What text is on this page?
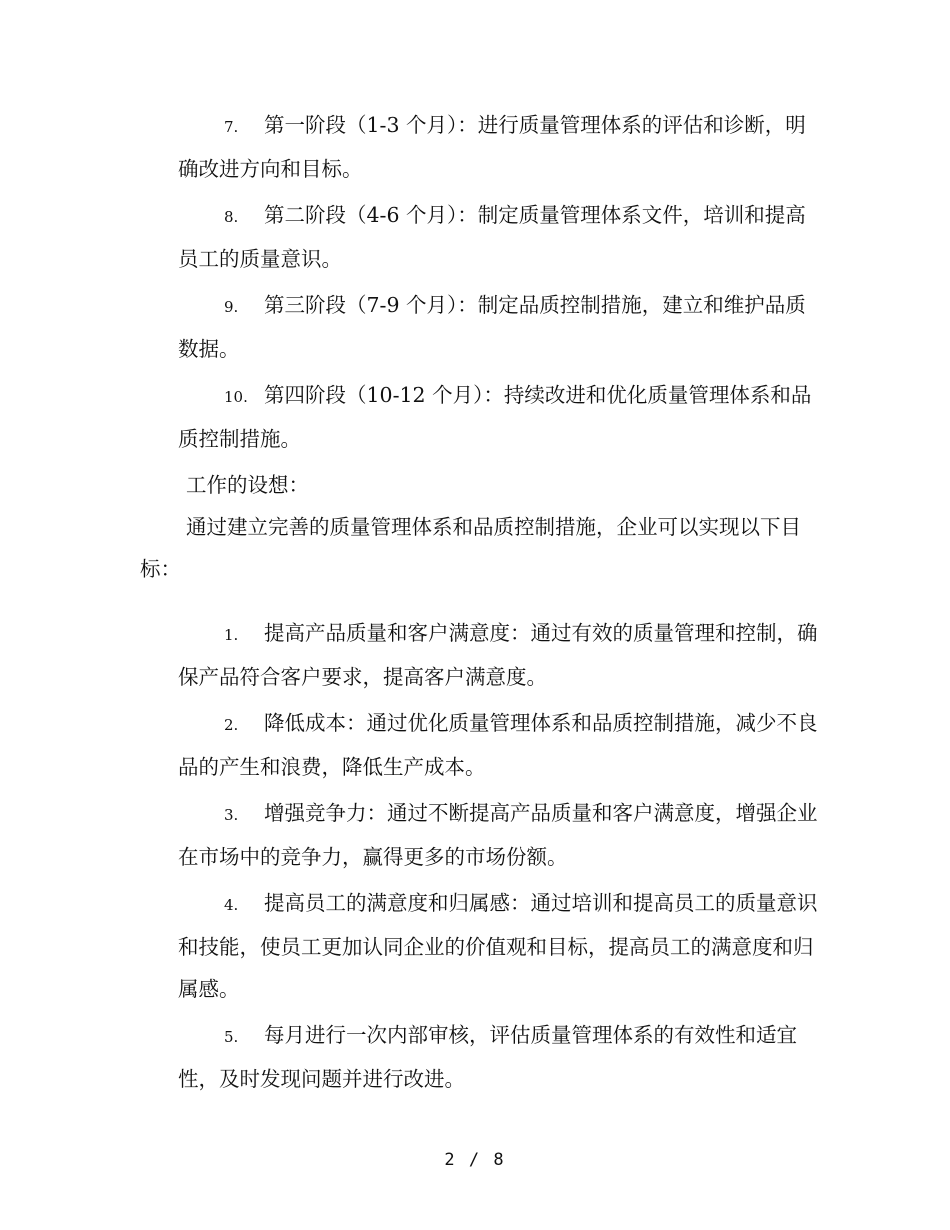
7. 第一阶段（1-3 个月）：进行质量管理体系的评估和诊断，明确改进方向和目标。
8. 第二阶段（4-6 个月）：制定质量管理体系文件，培训和提高员工的质量意识。
9. 第三阶段（7-9 个月）：制定品质控制措施，建立和维护品质数据。
10. 第四阶段（10-12 个月）：持续改进和优化质量管理体系和品质控制措施。

工作的设想：

通过建立完善的质量管理体系和品质控制措施，企业可以实现以下目标：

1. 提高产品质量和客户满意度：通过有效的质量管理和控制，确保产品符合客户要求，提高客户满意度。
2. 降低成本：通过优化质量管理体系和品质控制措施，减少不良品的产生和浪费，降低生产成本。
3. 增强竞争力：通过不断提高产品质量和客户满意度，增强企业在市场中的竞争力，赢得更多的市场份额。
4. 提高员工的满意度和归属感：通过培训和提高员工的质量意识和技能，使员工更加认同企业的价值观和目标，提高员工的满意度和归属感。
5. 每月进行一次内部审核，评估质量管理体系的有效性和适宜性，及时发现问题并进行改进。
2 / 8
